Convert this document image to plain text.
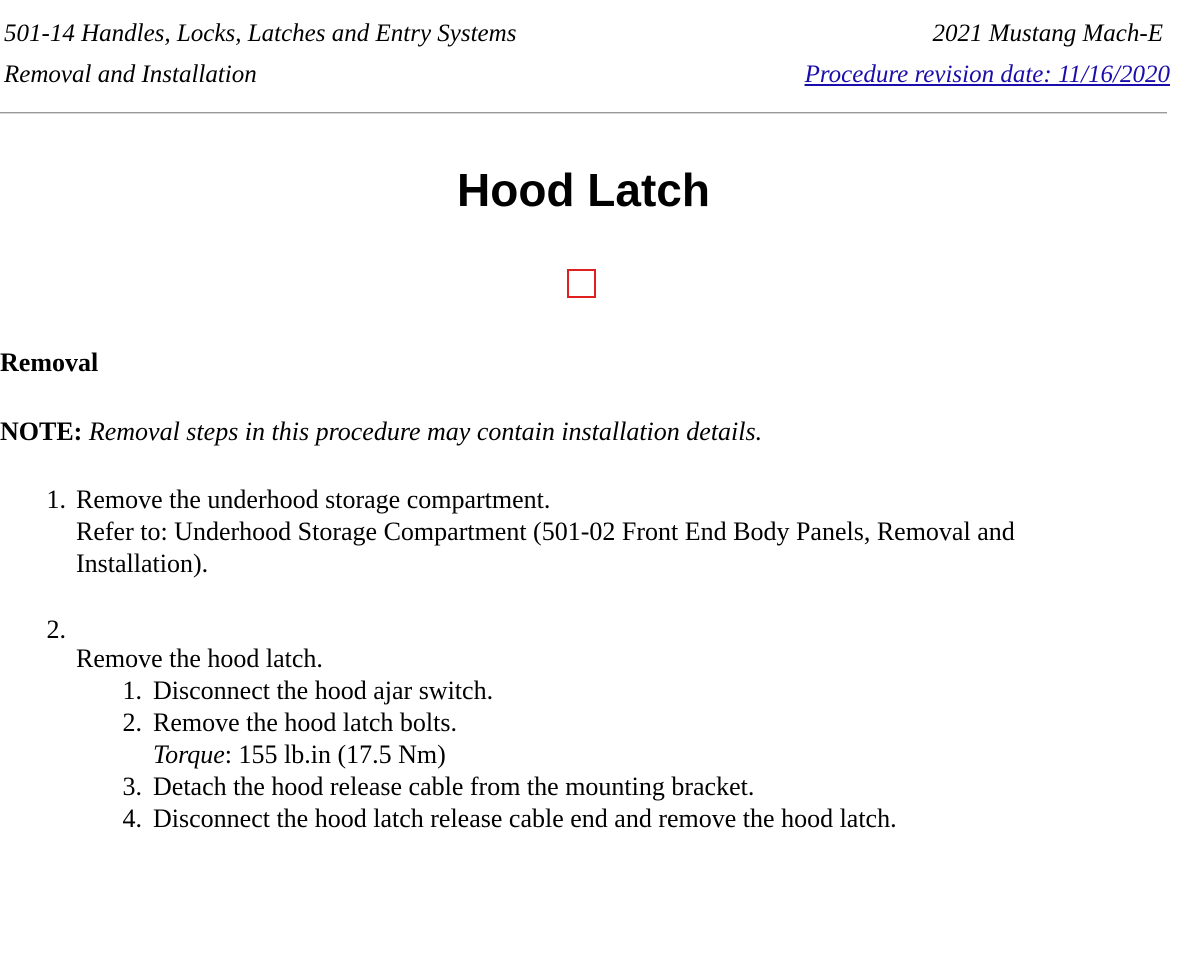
501-14 Handles, Locks, Latches and Entry Systems
Removal and Installation
2021 Mustang Mach-E
Procedure revision date: 11/16/2020
Hood Latch
Removal
NOTE: Removal steps in this procedure may contain installation details.
1. Remove the underhood storage compartment.
Refer to: Underhood Storage Compartment (501-02 Front End Body Panels, Removal and
Installation).
2.
Remove the hood latch.
1. Disconnect the hood ajar switch.
2. Remove the hood latch bolts.
Torque: 155 lb.in (17.5 Nm)
3. Detach the hood release cable from the mounting bracket.
4. Disconnect the hood latch release cable end and remove the hood latch.
